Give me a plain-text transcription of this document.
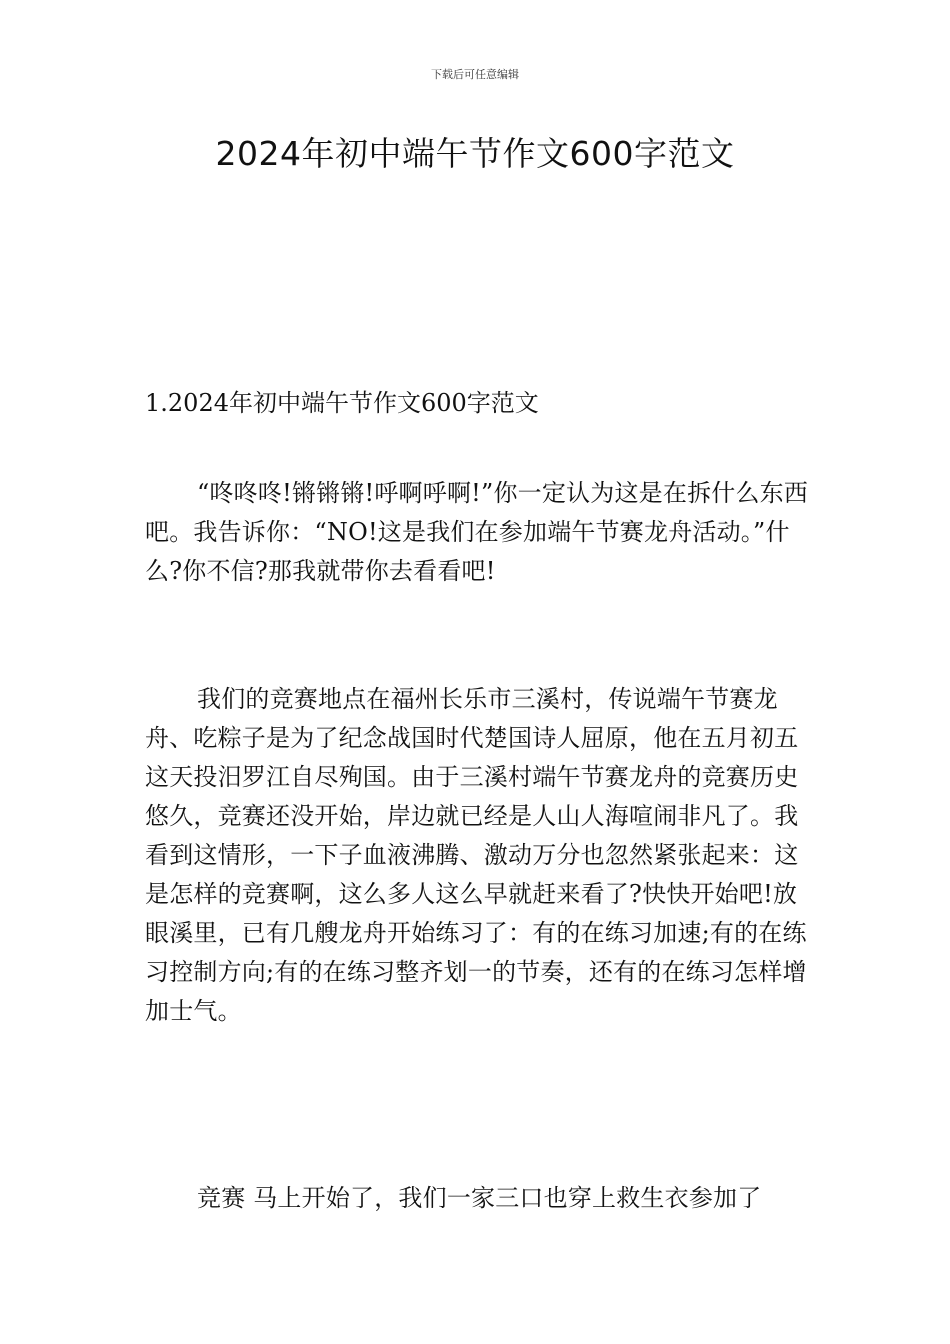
下载后可任意编辑
2024年初中端午节作文600字范文
1.2024年初中端午节作文600字范文

“咚咚咚!锵锵锵!呼啊呼啊!”你一定认为这是在拆什么东西吧。我告诉你：“NO!这是我们在参加端午节赛龙舟活动。”什么?你不信?那我就带你去看看吧!

我们的竞赛地点在福州长乐市三溪村，传说端午节赛龙舟、吃粽子是为了纪念战国时代楚国诗人屈原，他在五月初五这天投汨罗江自尽殉国。由于三溪村端午节赛龙舟的竞赛历史悠久，竞赛还没开始，岸边就已经是人山人海喧闹非凡了。我看到这情形，一下子血液沸腾、激动万分也忽然紧张起来：这是怎样的竞赛啊，这么多人这么早就赶来看了?快快开始吧!放眼溪里，已有几艘龙舟开始练习了：有的在练习加速;有的在练习控制方向;有的在练习整齐划一的节奏，还有的在练习怎样增加士气。

竞赛 马上开始了，我们一家三口也穿上救生衣参加了
